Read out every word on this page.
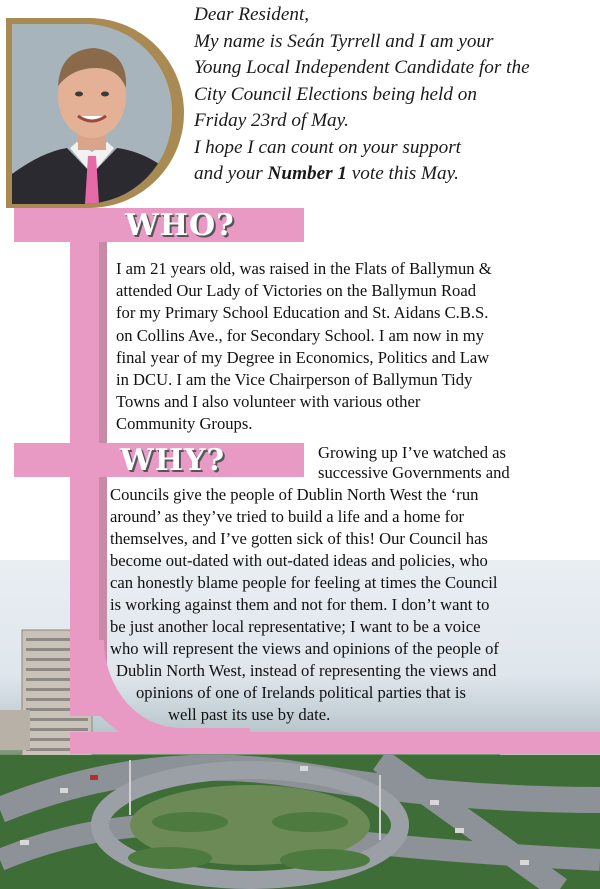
Dear Resident,

My name is Seán Tyrrell and I am your

Young Local Independent Candidate for the

City Council Elections being held on

Friday 23rd of May.

I hope I can count on your support

and your Number 1 vote this May.

WHO?

I am 21 years old, was raised in the Flats of Ballymun &

attended Our Lady of Victories on the Ballymun Road

for my Primary School Education and St. Aidans C.B.S.

on Collins Ave., for Secondary School. I am now in my

final year of my Degree in Economics, Politics and Law

in DCU. I am the Vice Chairperson of Ballymun Tidy

Towns and I also volunteer with various other

Community Groups.

WHY?	Growing up I’ve watched as

successive Governments and

Councils give the people of Dublin North West the ‘run

around’ as they’ve tried to build a life and a home for

themselves, and I’ve gotten sick of this! Our Council has

become out-dated with out-dated ideas and policies, who

can honestly blame people for feeling at times the Council

is working against them and not for them. I don’t want to

be just another local representative; I want to be a voice

who will represent the views and opinions of the people of

Dublin North West, instead of representing the views and

opinions of one of Irelands political parties that is

well past its use by date.
